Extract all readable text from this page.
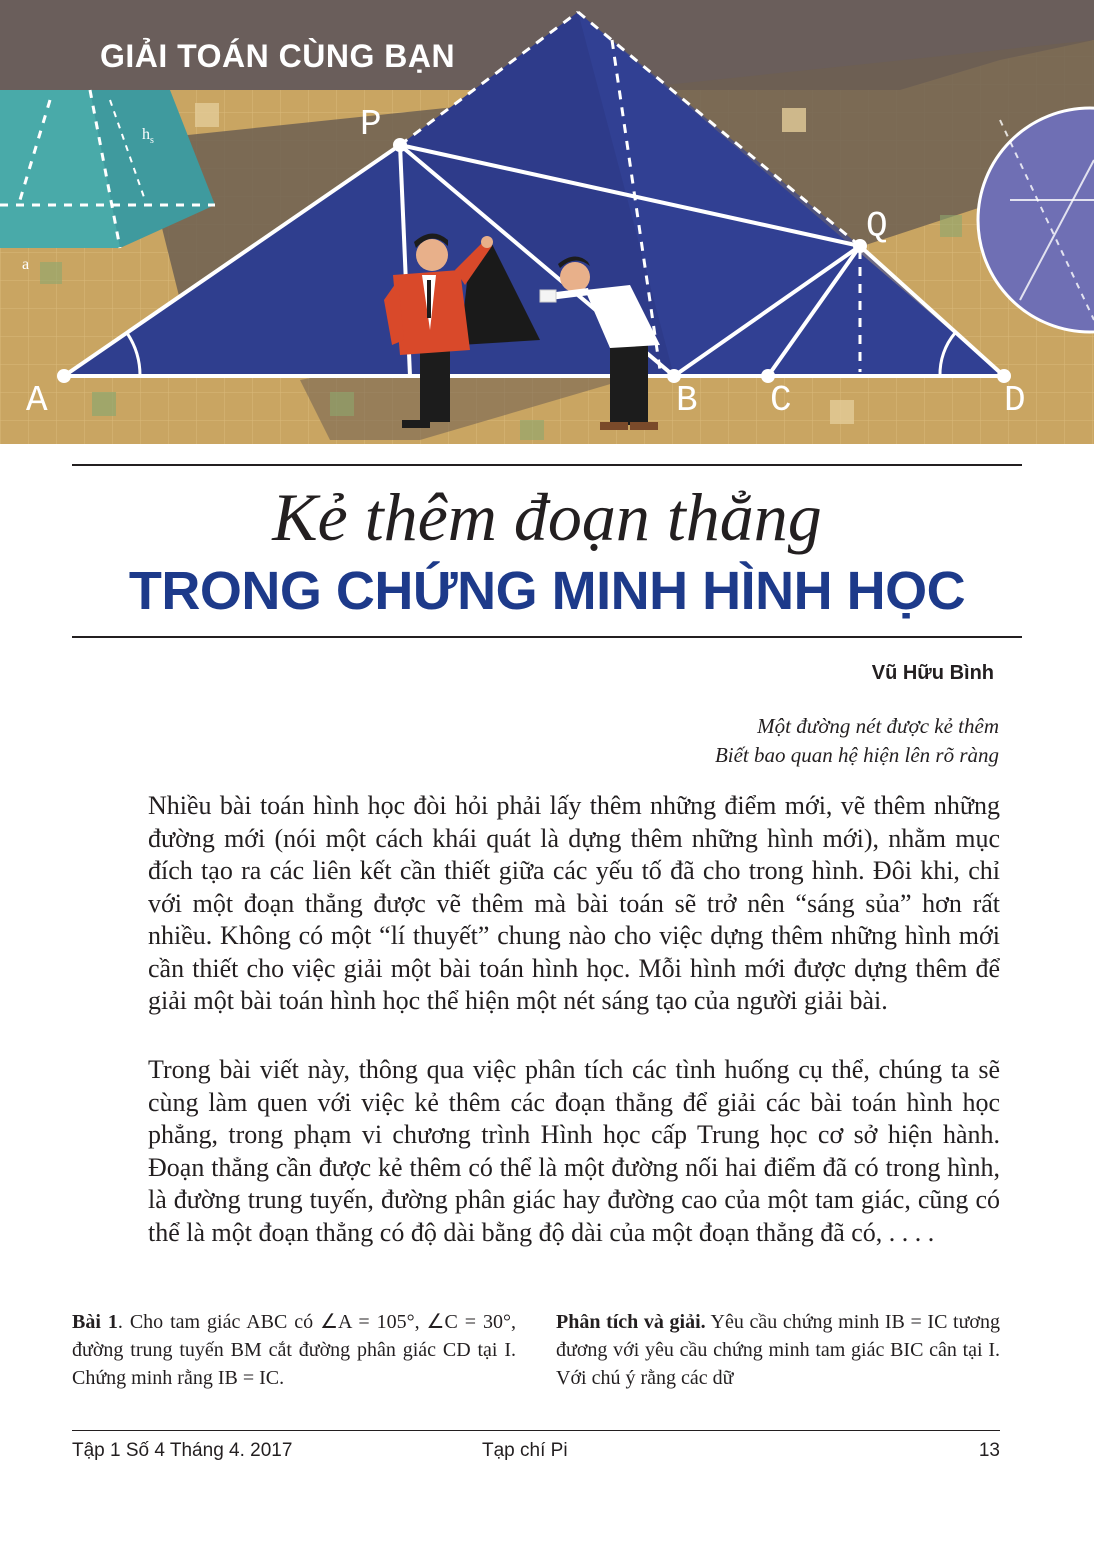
GIẢI TOÁN CÙNG BẠN
P
Q
A	B C	D
$h_s$
a
Kẻ thêm đoạn thẳng
TRONG CHỨNG MINH HÌNH HỌC
Vũ Hữu Bình
Một đường nét được kẻ thêm
Biết bao quan hệ hiện lên rõ ràng

Nhiều bài toán hình học đòi hỏi phải lấy thêm những điểm mới, vẽ thêm những đường mới (nói một cách khái quát là dựng thêm những hình mới), nhằm mục đích tạo ra các liên kết cần thiết giữa các yếu tố đã cho trong hình. Đôi khi, chỉ với một đoạn thẳng được vẽ thêm mà bài toán sẽ trở nên “sáng sủa” hơn rất nhiều. Không có một “lí thuyết” chung nào cho việc dựng thêm những hình mới cần thiết cho việc giải một bài toán hình học. Mỗi hình mới được dựng thêm để giải một bài toán hình học thể hiện một nét sáng tạo của người giải bài.

Trong bài viết này, thông qua việc phân tích các tình huống cụ thể, chúng ta sẽ cùng làm quen với việc kẻ thêm các đoạn thẳng để giải các bài toán hình học phẳng, trong phạm vi chương trình Hình học cấp Trung học cơ sở hiện hành. Đoạn thẳng cần được kẻ thêm có thể là một đường nối hai điểm đã có trong hình, là đường trung tuyến, đường phân giác hay đường cao của một tam giác, cũng có thể là một đoạn thẳng có độ dài bằng độ dài của một đoạn thẳng đã có, . . . .

Bài 1. Cho tam giác ABC có ∠A = 105°, ∠C = 30°, đường trung tuyến BM cắt đường phân giác CD tại I. Chứng minh rằng IB = IC.

Phân tích và giải. Yêu cầu chứng minh IB = IC tương đương với yêu cầu chứng minh tam giác BIC cân tại I. Với chú ý rằng các dữ

Tập 1 Số 4 Tháng 4. 2017	Tạp chí Pi	13
